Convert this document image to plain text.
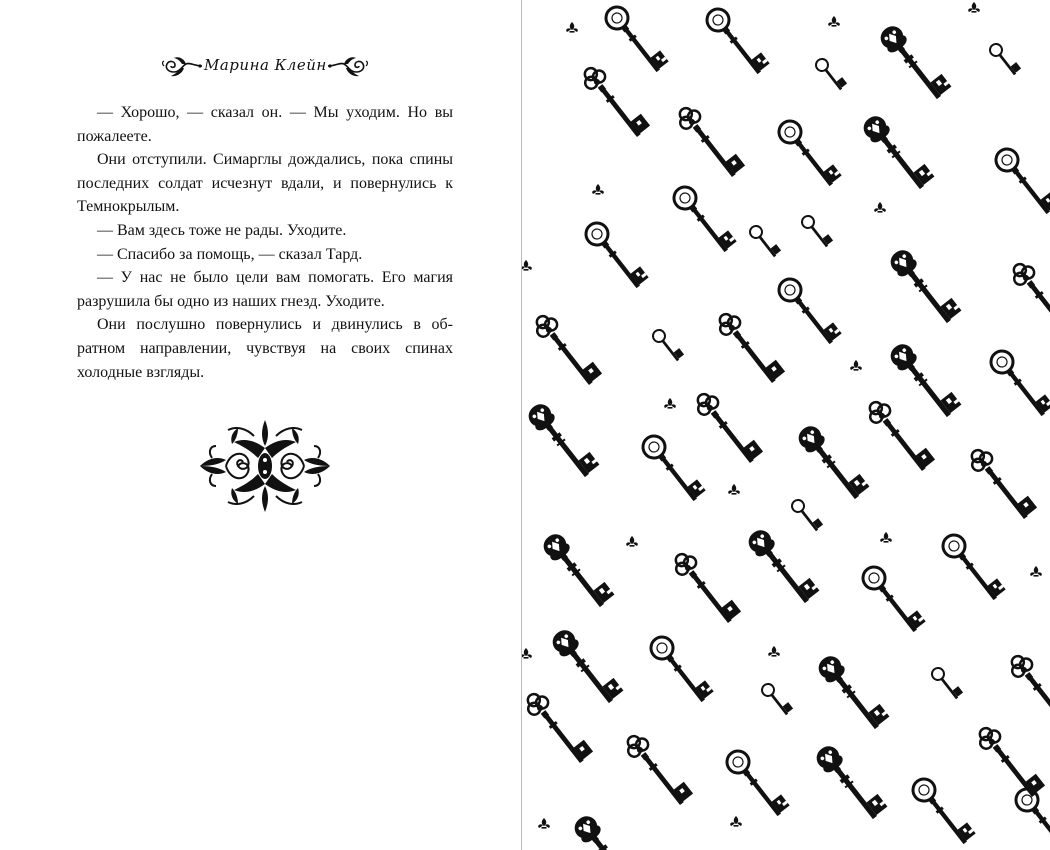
Марина Клейн

— Хорошо, — сказал он. — Мы уходим. Но вы пожалеете.

Они отступили. Симарглы дождались, пока спины последних солдат исчезнут вдали, и повернулись к Темнокрылым.

— Вам здесь тоже не рады. Уходите.

— Спасибо за помощь, — сказал Тард.

— У нас не было цели вам помогать. Его магия разрушила бы одно из наших гнезд. Уходите.

Они послушно повернулись и двинулись в обратном направлении, чувствуя на своих спинах холодные взгляды.
